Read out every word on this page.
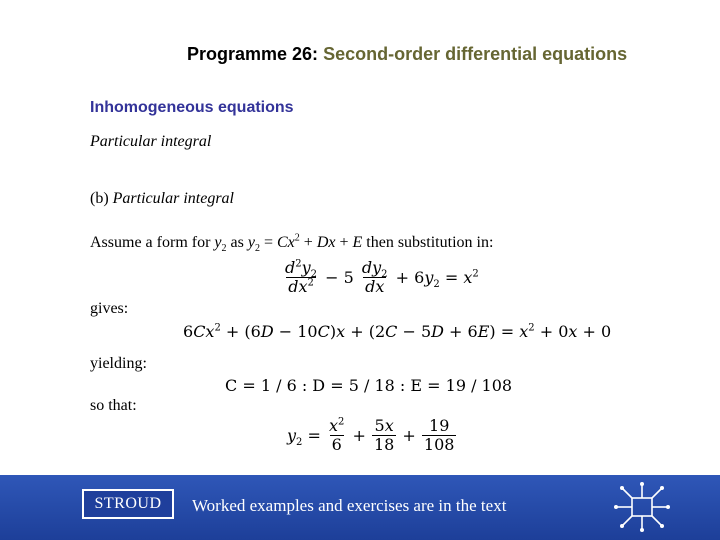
Programme 26: Second-order differential equations
Inhomogeneous equations
Particular integral
(b) Particular integral
Assume a form for $y_2$ as $y_2 = Cx^2 + Dx + E$ then substitution in:
$\frac{d^2y_2}{dx^2} - 5 \frac{dy_2}{dx} + 6y_2 = x^2$
gives:
$6Cx^2 + (6D - 10C)x + (2C - 5D + 6E) = x^2 + 0x + 0$
yielding:
C = 1 / 6 : D = 5 / 18 : E = 19 / 108
so that:
$y_2 = \frac{x^2}{6} + \frac{5x}{18} + \frac{19}{108}$
STROUD	Worked examples and exercises are in the text
